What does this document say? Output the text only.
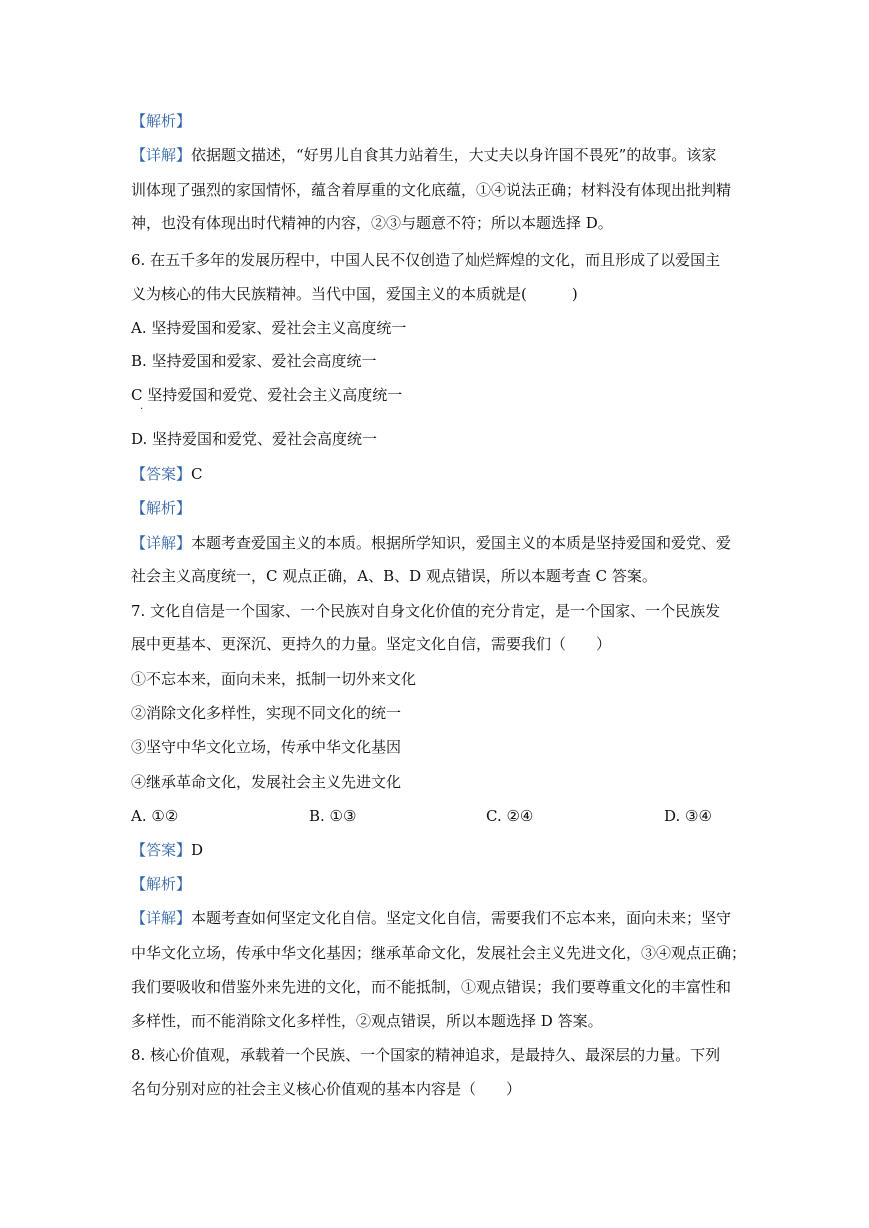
【解析】
【详解】依据题文描述，“好男儿自食其力站着生，大丈夫以身许国不畏死”的故事。该家
训体现了强烈的家国情怀，蕴含着厚重的文化底蕴，①④说法正确；材料没有体现出批判精
神，也没有体现出时代精神的内容，②③与题意不符；所以本题选择 D。
6. 在五千多年的发展历程中，中国人民不仅创造了灿烂辉煌的文化，而且形成了以爱国主
义为核心的伟大民族精神。当代中国，爱国主义的本质就是(　　　)
A. 坚持爱国和爱家、爱社会主义高度统一
B. 坚持爱国和爱家、爱社会高度统一
C 坚持爱国和爱党、爱社会主义高度统一
·
D. 坚持爱国和爱党、爱社会高度统一
【答案】C
【解析】
【详解】本题考查爱国主义的本质。根据所学知识，爱国主义的本质是坚持爱国和爱党、爱
社会主义高度统一，C 观点正确，A、B、D 观点错误，所以本题考查 C 答案。
7. 文化自信是一个国家、一个民族对自身文化价值的充分肯定，是一个国家、一个民族发
展中更基本、更深沉、更持久的力量。坚定文化自信，需要我们（　　）
①不忘本来，面向未来，抵制一切外来文化
②消除文化多样性，实现不同文化的统一
③坚守中华文化立场，传承中华文化基因
④继承革命文化，发展社会主义先进文化
A. ①②	B. ①③	C. ②④	D. ③④
【答案】D
【解析】
【详解】本题考查如何坚定文化自信。坚定文化自信，需要我们不忘本来，面向未来；坚守
中华文化立场，传承中华文化基因；继承革命文化，发展社会主义先进文化，③④观点正确；
我们要吸收和借鉴外来先进的文化，而不能抵制，①观点错误；我们要尊重文化的丰富性和
多样性，而不能消除文化多样性，②观点错误，所以本题选择 D 答案。
8. 核心价值观，承载着一个民族、一个国家的精神追求，是最持久、最深层的力量。下列
名句分别对应的社会主义核心价值观的基本内容是（　　）
